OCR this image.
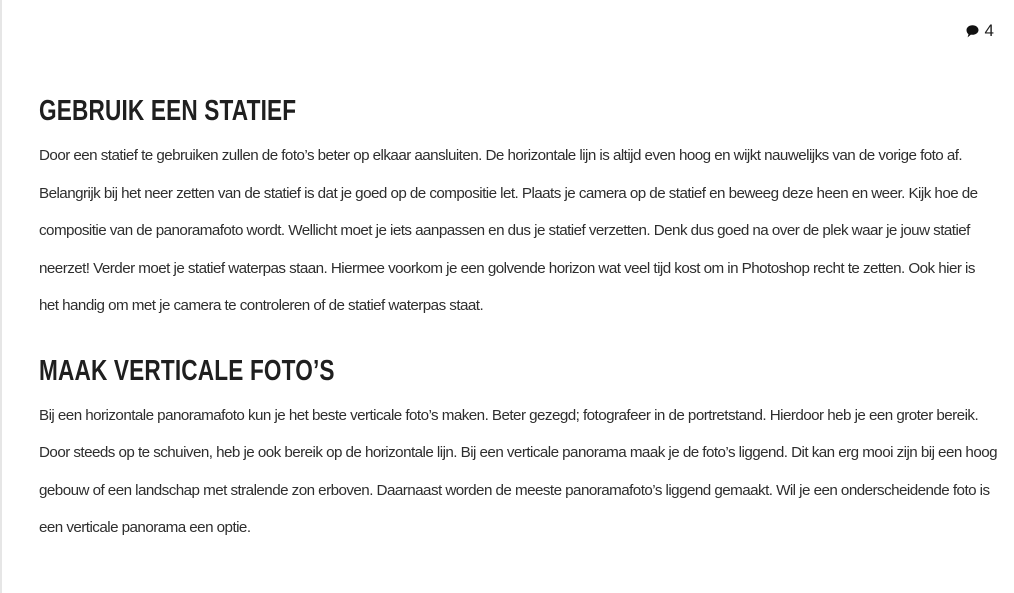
4
GEBRUIK EEN STATIEF

Door een statief te gebruiken zullen de foto’s beter op elkaar aansluiten. De horizontale lijn is altijd even hoog en wijkt nauwelijks van de vorige foto af. Belangrijk bij het neer zetten van de statief is dat je goed op de compositie let. Plaats je camera op de statief en beweeg deze heen en weer. Kijk hoe de compositie van de panoramafoto wordt. Wellicht moet je iets aanpassen en dus je statief verzetten. Denk dus goed na over de plek waar je jouw statief neerzet! Verder moet je statief waterpas staan. Hiermee voorkom je een golvende horizon wat veel tijd kost om in Photoshop recht te zetten. Ook hier is het handig om met je camera te controleren of de statief waterpas staat.

MAAK VERTICALE FOTO’S

Bij een horizontale panoramafoto kun je het beste verticale foto’s maken. Beter gezegd; fotografeer in de portretstand. Hierdoor heb je een groter bereik. Door steeds op te schuiven, heb je ook bereik op de horizontale lijn. Bij een verticale panorama maak je de foto’s liggend. Dit kan erg mooi zijn bij een hoog gebouw of een landschap met stralende zon erboven. Daarnaast worden de meeste panoramafoto’s liggend gemaakt. Wil je een onderscheidende foto is een verticale panorama een optie.
